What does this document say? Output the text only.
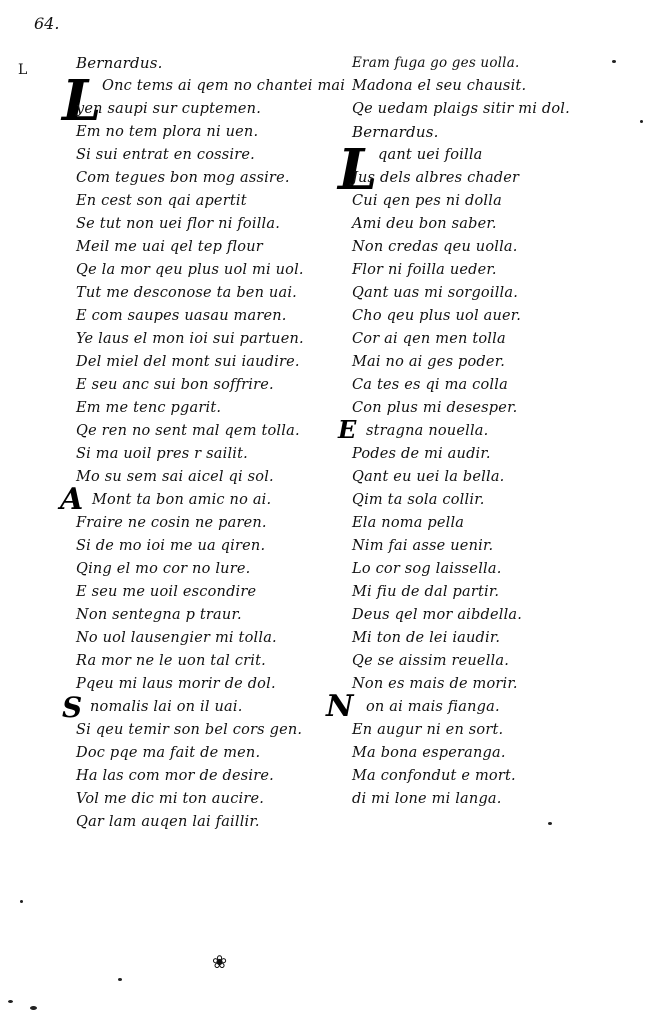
64.
L	Bernardus.
L Onc tems ai qem no chantei mai
yen saupi sur cuptemen.
Em no tem plora ni uen.
Si sui entrat en cossire.
Com tegues bon mog assire.
En cest son qai apertit
Se tut non uei flor ni foilla.
Meil me uai qel tep flour
Qe la mor qeu plus uol mi uol.
Tut me desconose ta ben uai.
E com saupes uasau maren.
Ye laus el mon ioi sui partuen.
Del miel del mont sui iaudire.
E seu anc sui bon soffrire.
Em me tenc pgarit.
Qe ren no sent mal qem tolla.
Si ma uoil pres r sailit.
Mo su sem sai aicel qi sol.
A Mont ta bon amic no ai.
Fraire ne cosin ne paren.
Si de mo ioi me ua qiren.
Qing el mo cor no lure.
E seu me uoil escondire
Non sentegna p traur.
No uol lausengier mi tolla.
Ra mor ne le uon tal crit.
Pqeu mi laus morir de dol.
S nomalis lai on il uai.
Si qeu temir son bel cors gen.
Doc pqe ma fait de men.
Ha las com mor de desire.
Vol me dic mi ton aucire.
Qar lam auqen lai faillir.
Eram fuga go ges uolla.
Madona el seu chausit.
Qe uedam plaigs sitir mi dol.
Bernardus.
L qant uei foilla
Jus dels albres chader
Cui qen pes ni dolla
Ami deu bon saber.
Non credas qeu uolla.
Flor ni foilla ueder.
Qant uas mi sorgoilla.
Cho qeu plus uol auer.
Cor ai qen men tolla
Mai no ai ges poder.
Ca tes es qi ma colla
Con plus mi desesper.
E stragna nouella.
Podes de mi audir.
Qant eu uei la bella.
Qim ta sola collir.
Ela noma pella
Nim fai asse uenir.
Lo cor sog laissella.
Mi fiu de dal partir.
Deus qel mor aibdella.
Mi ton de lei iaudir.
Qe se aissim reuella.
Non es mais de morir.
N on ai mais fianga.
En augur ni en sort.
Ma bona esperanga.
Ma confondut e mort.
di mi lone mi langa.
❀
